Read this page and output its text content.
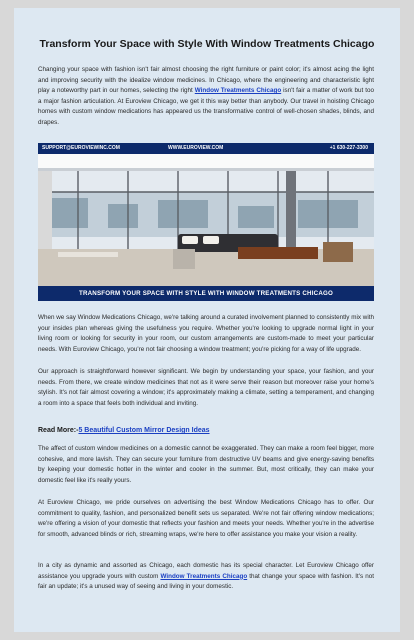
Transform Your Space with Style With Window Treatments Chicago
Changing your space with fashion isn't fair almost choosing the right furniture or paint color; it's almost acing the light and improving security with the idealize window medicines. In Chicago, where the engineering and characteristic light play a noteworthy part in our homes, selecting the right Window Treatments Chicago isn't fair a matter of work but too a major fashion articulation. At Euroview Chicago, we get it this way better than anybody. Our travel in hoisting Chicago homes with custom window medications has appeared us the transformative control of well-chosen shades, blinds, and drapes.
SUPPORT@EUROVIEWINC.COM	WWW.EUROVIEW.COM	+1 630-227-3300
TRANSFORM YOUR SPACE WITH STYLE WITH WINDOW TREATMENTS CHICAGO
When we say Window Medications Chicago, we're talking around a curated involvement planned to consistently mix with your insides plan whereas giving the usefulness you require. Whether you're looking to upgrade normal light in your living room or looking for security in your room, our custom arrangements are custom-made to meet your particular needs. With Euroview Chicago, you're not fair choosing a window treatment; you're picking for a way of life upgrade.
Our approach is straightforward however significant. We begin by understanding your space, your fashion, and your needs. From there, we create window medicines that not as it were serve their reason but moreover raise your home's stylish. It's not fair almost covering a window; it's approximately making a climate, setting a temperament, and changing a room into a space that feels both individual and inviting.
Read More:-5 Beautiful Custom Mirror Design Ideas
The affect of custom window medicines on a domestic cannot be exaggerated. They can make a room feel bigger, more cohesive, and more lavish. They can secure your furniture from destructive UV beams and give energy-saving benefits by keeping your domestic hotter in the winter and cooler in the summer. But, most critically, they can make your domestic feel like it's really yours.
At Euroview Chicago, we pride ourselves on advertising the best Window Medications Chicago has to offer. Our commitment to quality, fashion, and personalized benefit sets us separated. We're not fair offering window medications; we're offering a vision of your domestic that reflects your fashion and meets your needs. Whether you're in the advertise for smooth, advanced blinds or rich, streaming wraps, we're here to offer assistance you make your vision a reality.
In a city as dynamic and assorted as Chicago, each domestic has its special character. Let Euroview Chicago offer assistance you upgrade yours with custom Window Treatments Chicago that change your space with fashion. It's not fair an update; it's a unused way of seeing and living in your domestic.
